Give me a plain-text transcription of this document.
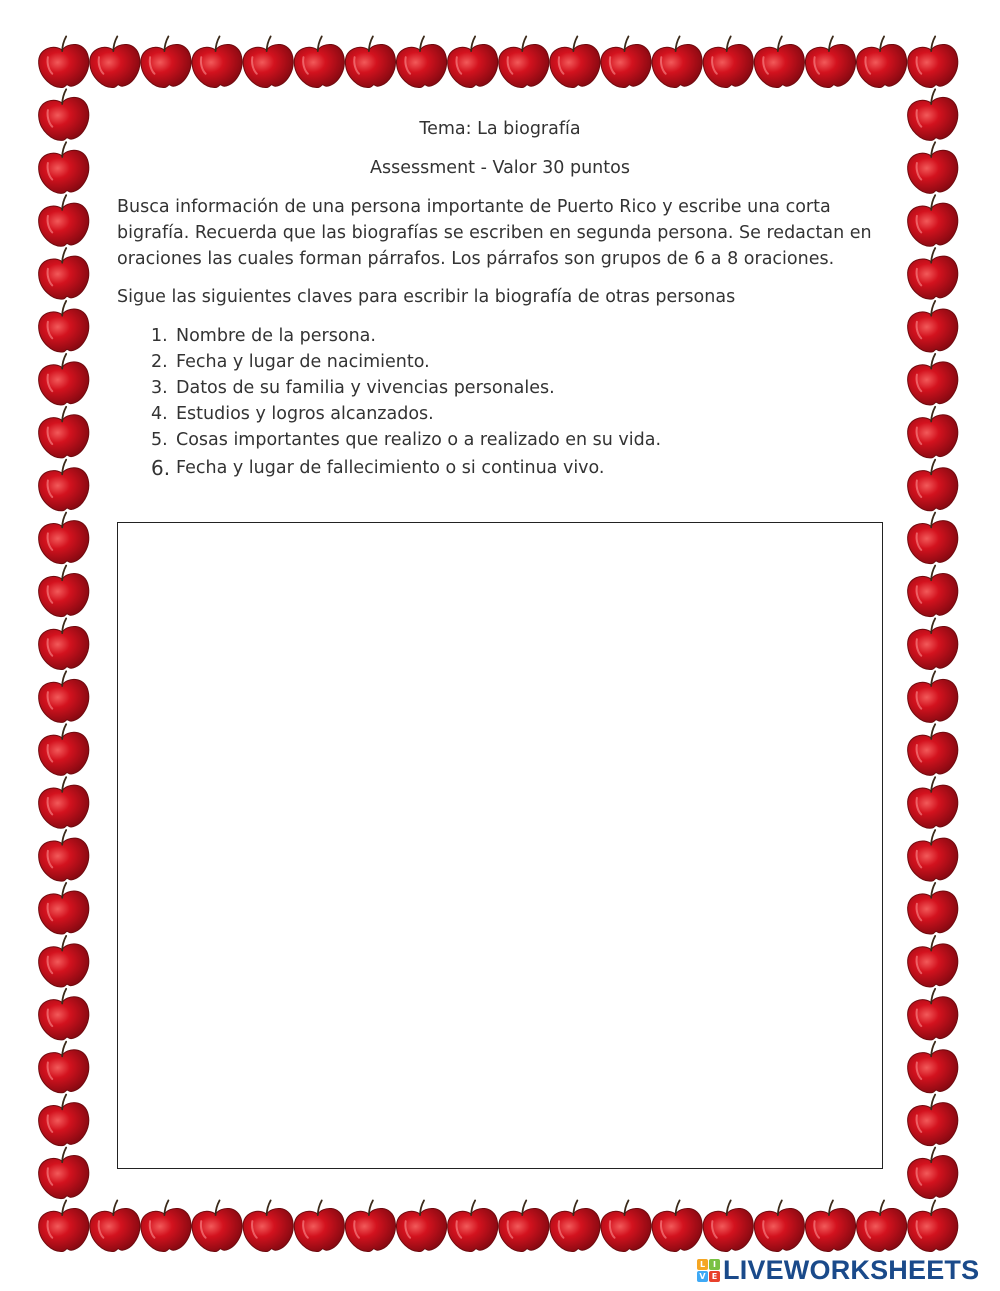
Tema: La biografía
Assessment - Valor 30 puntos
Busca información de una persona importante de Puerto Rico y escribe una corta bigrafía. Recuerda que las biografías se escriben en segunda persona. Se redactan en oraciones las cuales forman párrafos. Los párrafos son grupos de 6 a 8 oraciones.
Sigue las siguientes claves para escribir la biografía de otras personas
1. Nombre de la persona.
2. Fecha y lugar de nacimiento.
3. Datos de su familia y vivencias personales.
4. Estudios y logros alcanzados.
5. Cosas importantes que realizo o a realizado en su vida.
6. Fecha y lugar de fallecimiento o si continua vivo.
L I
V E LIVEWORKSHEETS
